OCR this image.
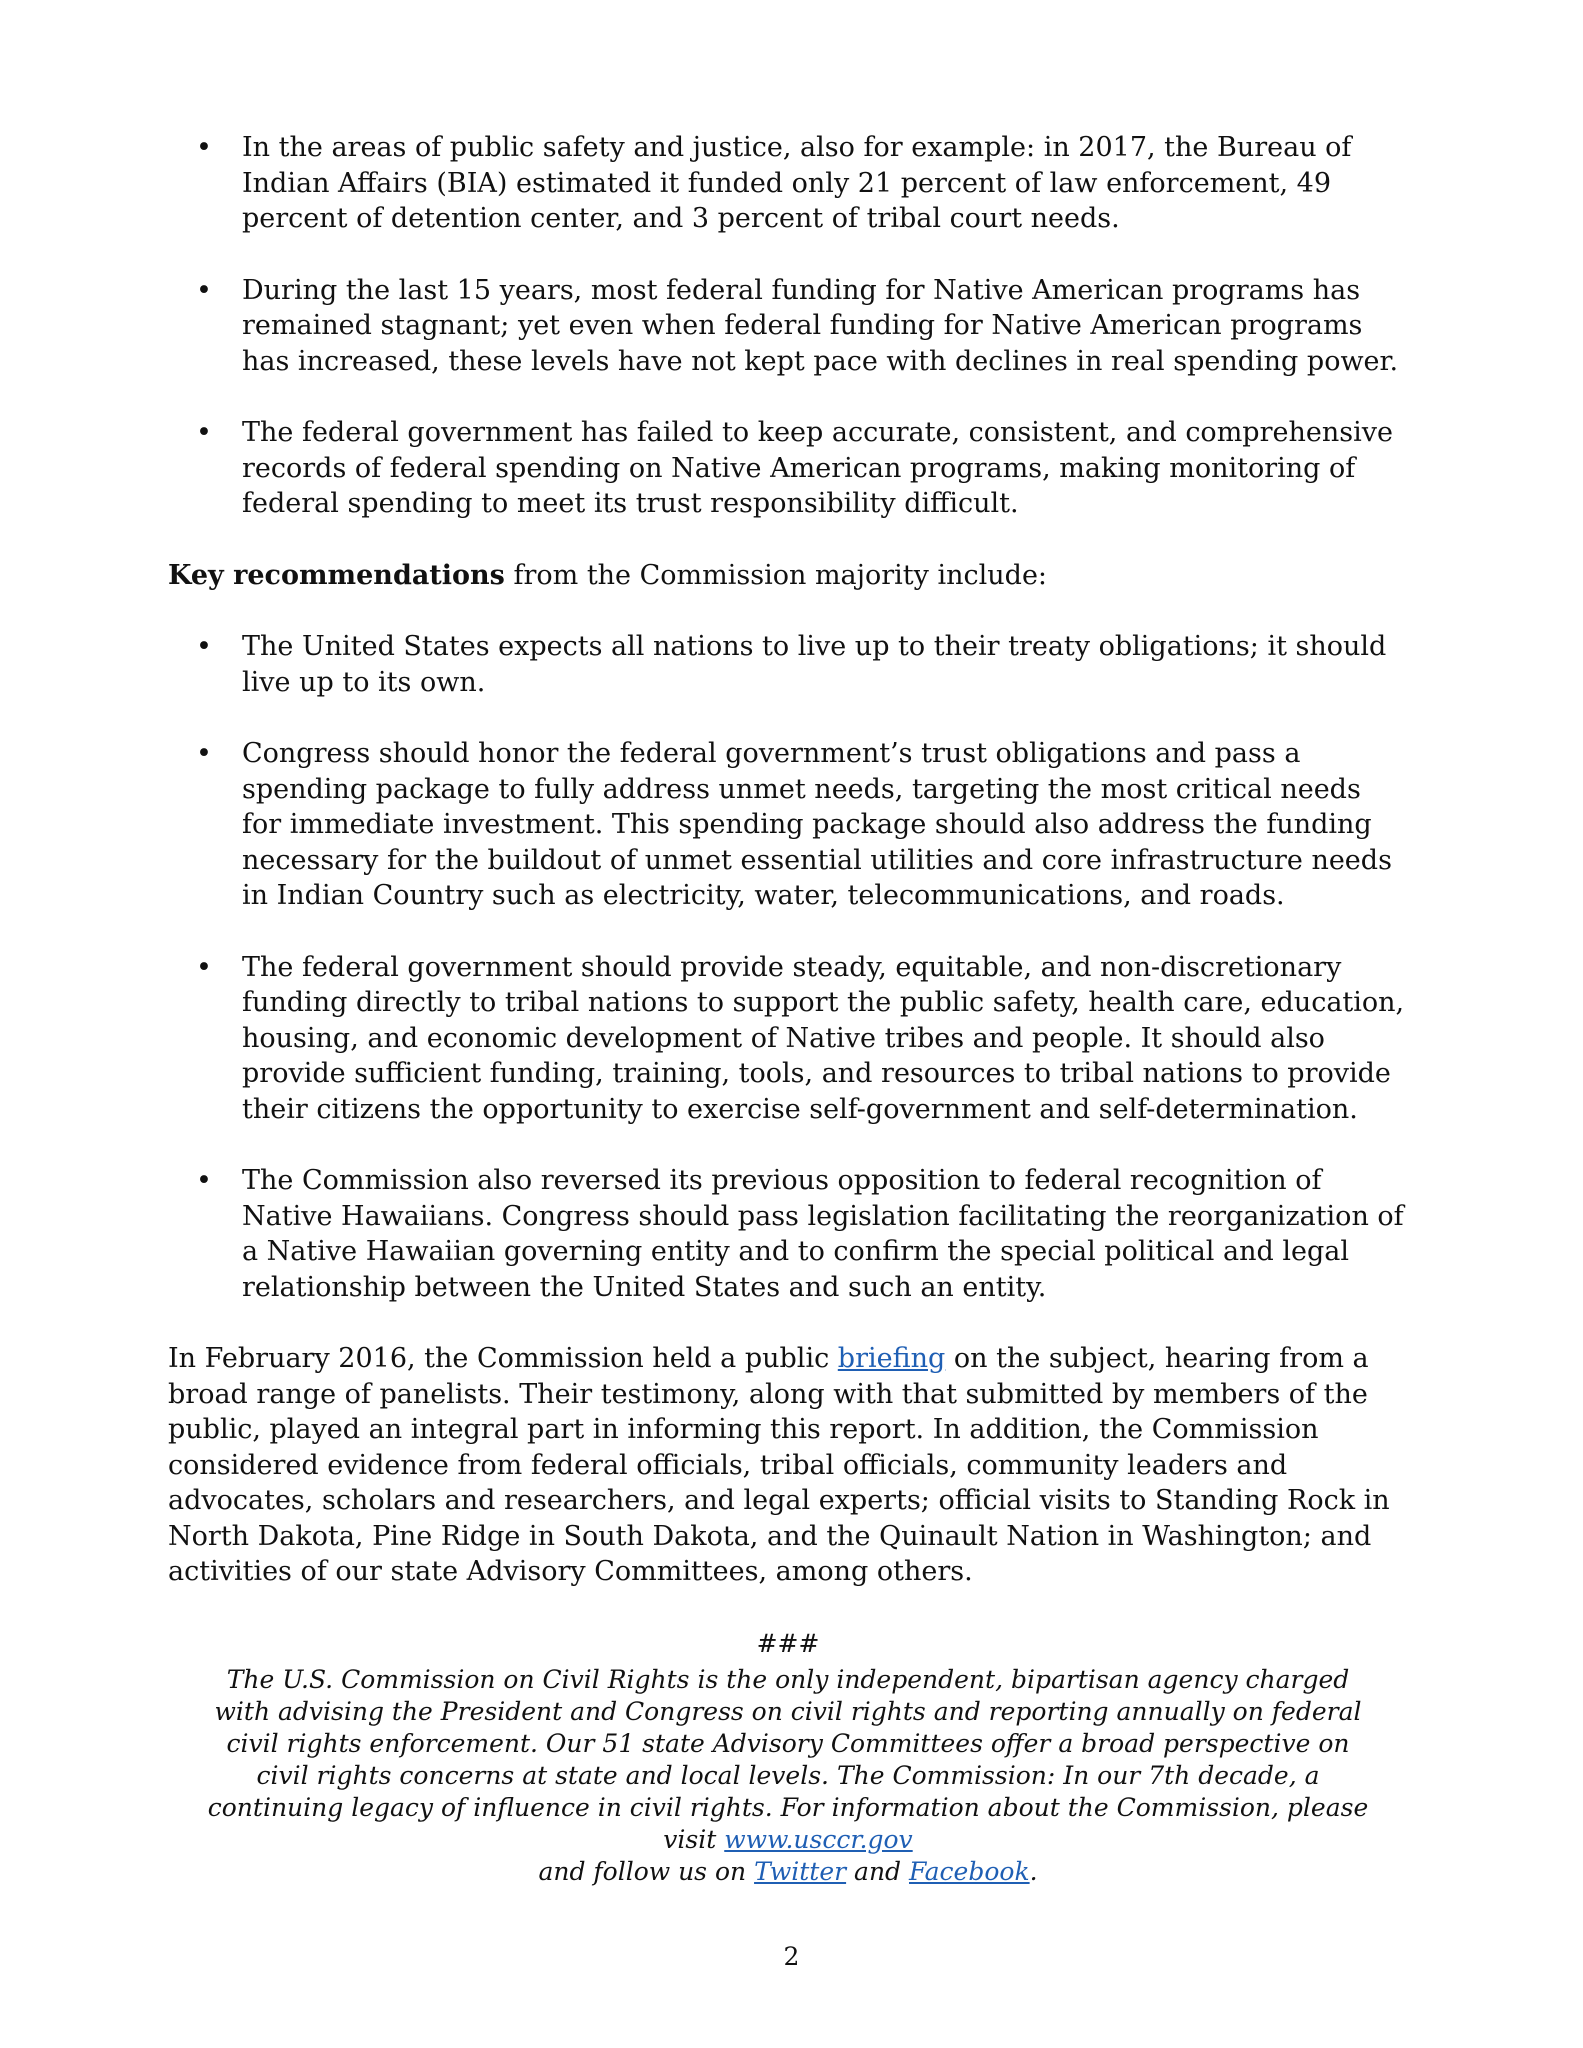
• In the areas of public safety and justice, also for example: in 2017, the Bureau of Indian Affairs (BIA) estimated it funded only 21 percent of law enforcement, 49 percent of detention center, and 3 percent of tribal court needs.
• During the last 15 years, most federal funding for Native American programs has remained stagnant; yet even when federal funding for Native American programs has increased, these levels have not kept pace with declines in real spending power.
• The federal government has failed to keep accurate, consistent, and comprehensive records of federal spending on Native American programs, making monitoring of federal spending to meet its trust responsibility difficult.

Key recommendations from the Commission majority include:

• The United States expects all nations to live up to their treaty obligations; it should live up to its own.
• Congress should honor the federal government’s trust obligations and pass a spending package to fully address unmet needs, targeting the most critical needs for immediate investment. This spending package should also address the funding necessary for the buildout of unmet essential utilities and core infrastructure needs in Indian Country such as electricity, water, telecommunications, and roads.
• The federal government should provide steady, equitable, and non-discretionary funding directly to tribal nations to support the public safety, health care, education, housing, and economic development of Native tribes and people. It should also provide sufficient funding, training, tools, and resources to tribal nations to provide their citizens the opportunity to exercise self-government and self-determination.
• The Commission also reversed its previous opposition to federal recognition of Native Hawaiians. Congress should pass legislation facilitating the reorganization of a Native Hawaiian governing entity and to confirm the special political and legal relationship between the United States and such an entity.

In February 2016, the Commission held a public briefing on the subject, hearing from a broad range of panelists. Their testimony, along with that submitted by members of the public, played an integral part in informing this report. In addition, the Commission considered evidence from federal officials, tribal officials, community leaders and advocates, scholars and researchers, and legal experts; official visits to Standing Rock in North Dakota, Pine Ridge in South Dakota, and the Quinault Nation in Washington; and activities of our state Advisory Committees, among others.

###
The U.S. Commission on Civil Rights is the only independent, bipartisan agency charged with advising the President and Congress on civil rights and reporting annually on federal civil rights enforcement. Our 51 state Advisory Committees offer a broad perspective on civil rights concerns at state and local levels. The Commission: In our 7th decade, a continuing legacy of influence in civil rights. For information about the Commission, please visit www.usccr.gov
and follow us on Twitter and Facebook.
2
